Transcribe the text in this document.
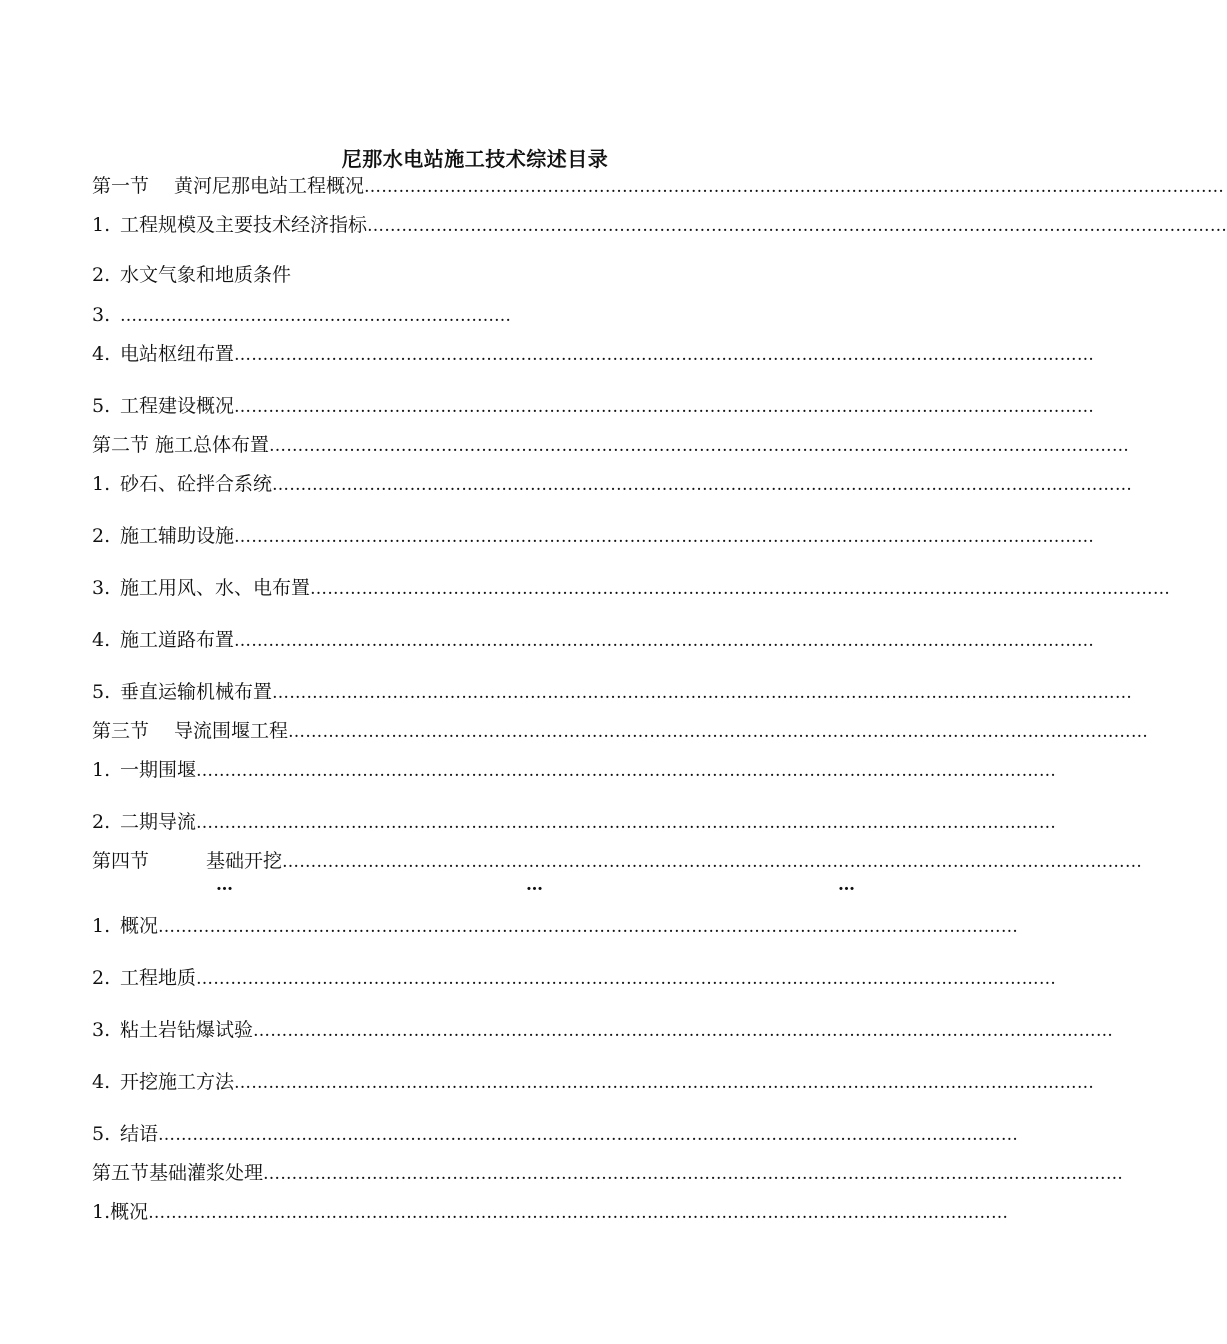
尼那水电站施工技术综述目录
第一节　 黄河尼那电站工程概况 ……………………………………………………………………………………………………………………………………
1. 工程规模及主要技术经济指标 ……………………………………………………………………………………………………………………………………
2. 水文气象和地质条件
3. ……………………………………………………………
4. 电站枢纽布置 ……………………………………………………………………………………………………………………………………
5. 工程建设概况 ……………………………………………………………………………………………………………………………………
第二节 施工总体布置 ……………………………………………………………………………………………………………………………………
1. 砂石、砼拌合系统 ……………………………………………………………………………………………………………………………………
2. 施工辅助设施 ……………………………………………………………………………………………………………………………………
3. 施工用风、水、电布置 ……………………………………………………………………………………………………………………………………
4. 施工道路布置 ……………………………………………………………………………………………………………………………………
5. 垂直运输机械布置 ……………………………………………………………………………………………………………………………………
第三节　 导流围堰工程 ……………………………………………………………………………………………………………………………………
1. 一期围堰 ……………………………………………………………………………………………………………………………………
2. 二期导流 ……………………………………………………………………………………………………………………………………
第四节　　　基础开挖 ……………………………………………………………………………………………………………………………………
…	…	…
1. 概况 ……………………………………………………………………………………………………………………………………
2. 工程地质 ……………………………………………………………………………………………………………………………………
3. 粘土岩钻爆试验 ……………………………………………………………………………………………………………………………………
4. 开挖施工方法 ……………………………………………………………………………………………………………………………………
5. 结语 ……………………………………………………………………………………………………………………………………
第五节基础灌浆处理 ……………………………………………………………………………………………………………………………………
1.概况 ……………………………………………………………………………………………………………………………………
